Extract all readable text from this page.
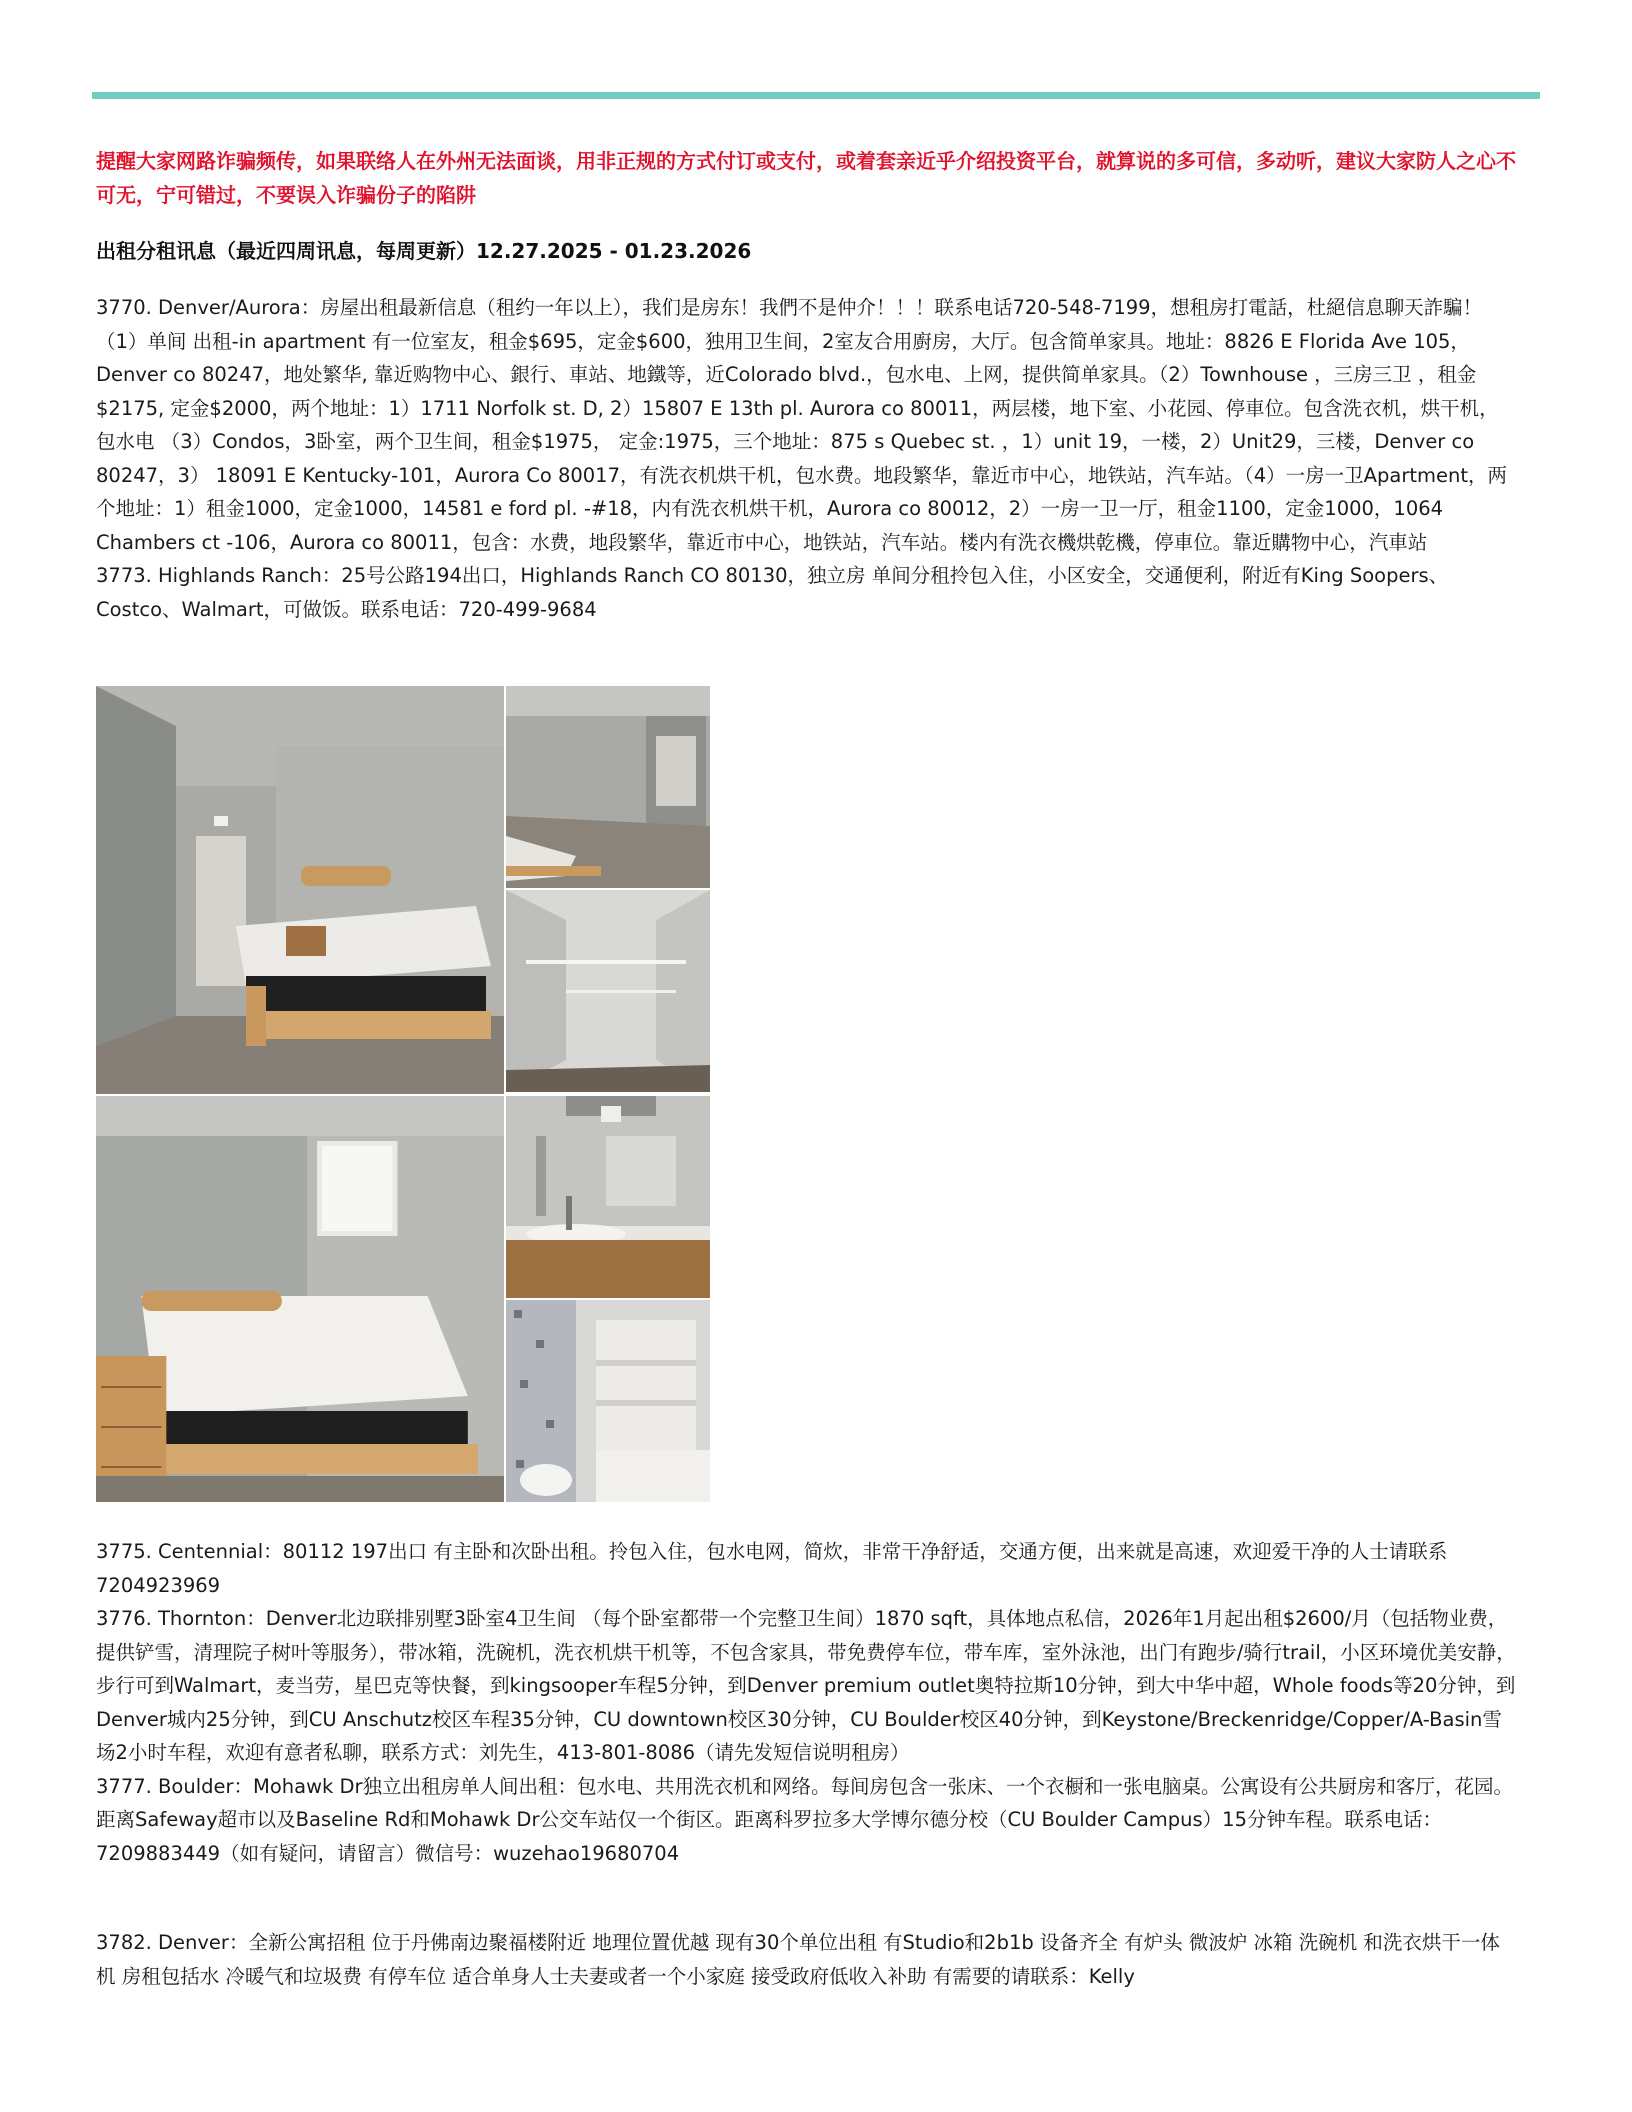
提醒大家网路诈骗频传，如果联络人在外州无法面谈，用非正规的方式付订或支付，或着套亲近乎介绍投资平台，就算说的多可信，多动听，建议大家防人之心不可无，宁可错过，不要误入诈骗份子的陷阱

出租分租讯息（最近四周讯息，每周更新）12.27.2025 - 01.23.2026

3770. Denver/Aurora：房屋出租最新信息（租约一年以上），我们是房东！我們不是仲介！！！联系电话720-548-7199，想租房打電話，杜絕信息聊天詐騙！（1）单间 出租-in apartment 有一位室友，租金$695，定金$600，独用卫生间，2室友合用廚房，大厅。包含简单家具。地址：8826 E Florida Ave 105，Denver co 80247，地处繁华, 靠近购物中心、銀行、車站、地鐵等，近Colorado blvd.，包水电、上网，提供简单家具。（2）Townhouse ，三房三卫 ，租金$2175, 定金$2000，两个地址：1）1711 Norfolk st. D, 2）15807 E 13th pl. Aurora co 80011，两层楼，地下室、小花园、停車位。包含洗衣机，烘干机，包水电 （3）Condos，3卧室，两个卫生间，租金$1975， 定金:1975，三个地址：875 s Quebec st. ，1）unit 19，一楼，2）Unit29，三楼，Denver co 80247，3） 18091 E Kentucky-101，Aurora Co 80017，有洗衣机烘干机，包水费。地段繁华，靠近市中心，地铁站，汽车站。（4）一房一卫Apartment，两个地址：1）租金1000，定金1000，14581 e ford pl. -#18，内有洗衣机烘干机，Aurora co 80012，2）一房一卫一厅，租金1100，定金1000，1064 Chambers ct -106，Aurora co 80011，包含：水费，地段繁华，靠近市中心，地铁站，汽车站。楼内有洗衣機烘乾機，停車位。靠近購物中心，汽車站

3773. Highlands Ranch：25号公路194出口，Highlands Ranch CO 80130，独立房 单间分租拎包入住，小区安全，交通便利，附近有King Soopers、Costco、Walmart，可做饭。联系电话：720-499-9684

3775. Centennial：80112 197出口 有主卧和次卧出租。拎包入住，包水电网，简炊，非常干净舒适，交通方便，出来就是高速，欢迎爱干净的人士请联系7204923969

3776. Thornton：Denver北边联排别墅3卧室4卫生间 （每个卧室都带一个完整卫生间）1870 sqft，具体地点私信，2026年1月起出租$2600/月（包括物业费，提供铲雪，清理院子树叶等服务），带冰箱，洗碗机，洗衣机烘干机等，不包含家具，带免费停车位，带车库，室外泳池，出门有跑步/骑行trail，小区环境优美安静，步行可到Walmart，麦当劳，星巴克等快餐，到kingsooper车程5分钟，到Denver premium outlet奥特拉斯10分钟，到大中华中超，Whole foods等20分钟，到Denver城内25分钟，到CU Anschutz校区车程35分钟，CU downtown校区30分钟，CU Boulder校区40分钟，到Keystone/Breckenridge/Copper/A-Basin雪场2小时车程，欢迎有意者私聊，联系方式：刘先生，413-801-8086（请先发短信说明租房）

3777. Boulder：Mohawk Dr独立出租房单人间出租：包水电、共用洗衣机和网络。每间房包含一张床、一个衣橱和一张电脑桌。公寓设有公共厨房和客厅，花园。距离Safeway超市以及Baseline Rd和Mohawk Dr公交车站仅一个街区。距离科罗拉多大学博尔德分校（CU Boulder Campus）15分钟车程。联系电话：7209883449（如有疑问，请留言）微信号：wuzehao19680704

3782. Denver：全新公寓招租 位于丹佛南边聚福楼附近 地理位置优越 现有30个单位出租 有Studio和2b1b 设备齐全 有炉头 微波炉 冰箱 洗碗机 和洗衣烘干一体机 房租包括水 冷暖气和垃圾费 有停车位 适合单身人士夫妻或者一个小家庭 接受政府低收入补助 有需要的请联系：Kelly
